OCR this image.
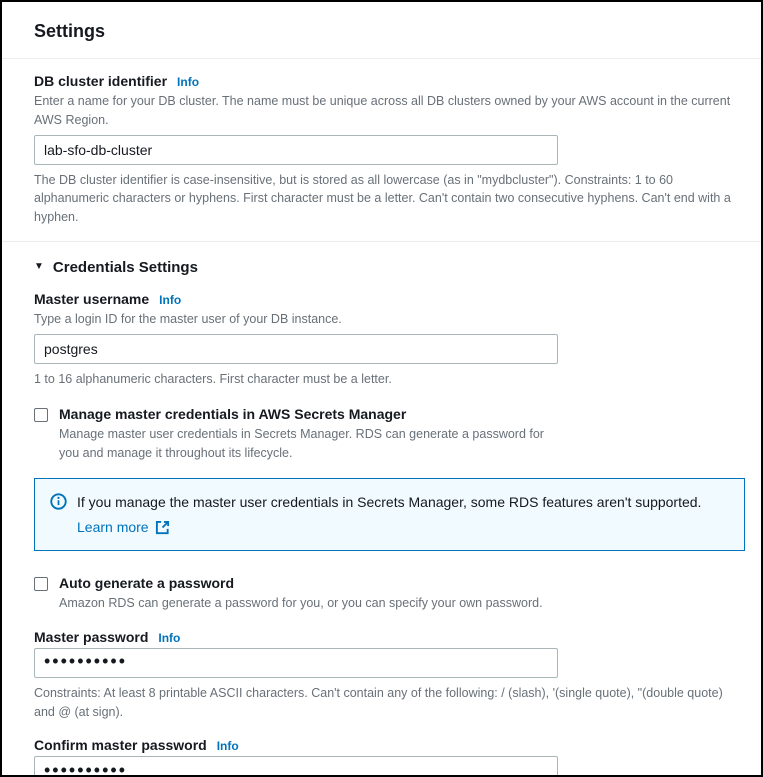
Settings
DB cluster identifier Info
Enter a name for your DB cluster. The name must be unique across all DB clusters owned by your AWS account in the current AWS Region.
lab-sfo-db-cluster
The DB cluster identifier is case-insensitive, but is stored as all lowercase (as in "mydbcluster"). Constraints: 1 to 60 alphanumeric characters or hyphens. First character must be a letter. Can't contain two consecutive hyphens. Can't end with a hyphen.
▼ Credentials Settings
Master username Info
Type a login ID for the master user of your DB instance.
postgres
1 to 16 alphanumeric characters. First character must be a letter.
Manage master credentials in AWS Secrets Manager
Manage master user credentials in Secrets Manager. RDS can generate a password for you and manage it throughout its lifecycle.
If you manage the master user credentials in Secrets Manager, some RDS features aren't supported.
Learn more
Auto generate a password
Amazon RDS can generate a password for you, or you can specify your own password.
Master password Info
••••••••••
Constraints: At least 8 printable ASCII characters. Can't contain any of the following: / (slash), '(single quote), "(double quote) and @ (at sign).
Confirm master password Info
••••••••••
